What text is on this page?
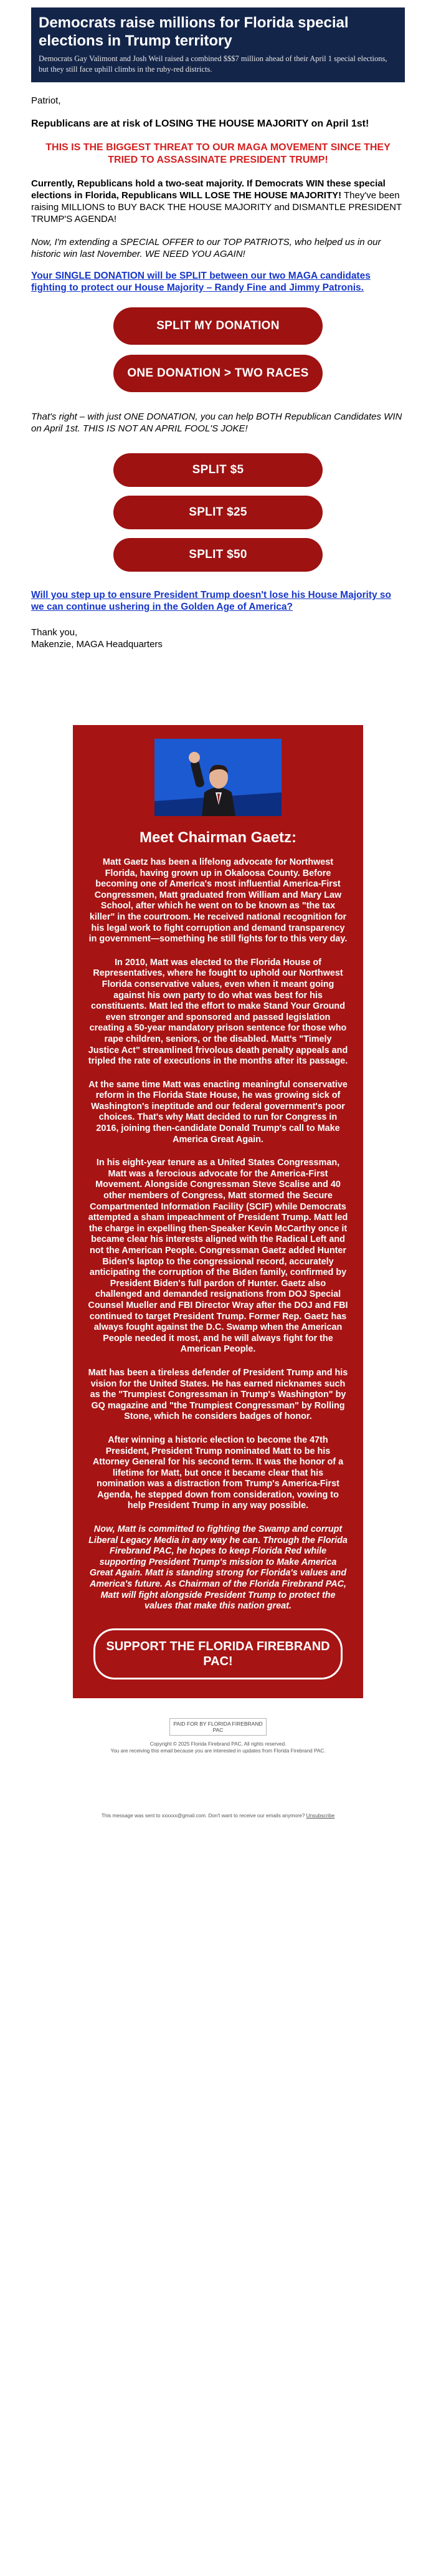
Democrats raise millions for Florida special elections in Trump territory

Democrats Gay Valimont and Josh Weil raised a combined $$$7 million ahead of their April 1 special elections, but they still face uphill climbs in the ruby-red districts.

Patriot,

Republicans are at risk of LOSING THE HOUSE MAJORITY on April 1st!

THIS IS THE BIGGEST THREAT TO OUR MAGA MOVEMENT SINCE THEY TRIED TO ASSASSINATE PRESIDENT TRUMP!

Currently, Republicans hold a two-seat majority. If Democrats WIN these special elections in Florida, Republicans WILL LOSE THE HOUSE MAJORITY! They've been raising MILLIONS to BUY BACK THE HOUSE MAJORITY and DISMANTLE PRESIDENT TRUMP'S AGENDA!

Now, I'm extending a SPECIAL OFFER to our TOP PATRIOTS, who helped us in our historic win last November. WE NEED YOU AGAIN!

Your SINGLE DONATION will be SPLIT between our two MAGA candidates fighting to protect our House Majority – Randy Fine and Jimmy Patronis.

SPLIT MY DONATION
ONE DONATION > TWO RACES

That's right – with just ONE DONATION, you can help BOTH Republican Candidates WIN on April 1st. THIS IS NOT AN APRIL FOOL'S JOKE!

SPLIT $5
SPLIT $25
SPLIT $50

Will you step up to ensure President Trump doesn't lose his House Majority so we can continue ushering in the Golden Age of America?

Thank you,
Makenzie, MAGA Headquarters

Meet Chairman Gaetz:

Matt Gaetz has been a lifelong advocate for Northwest Florida, having grown up in Okaloosa County. Before becoming one of America's most influential America-First Congressmen, Matt graduated from William and Mary Law School, after which he went on to be known as "the tax killer" in the courtroom. He received national recognition for his legal work to fight corruption and demand transparency in government—something he still fights for to this very day.

In 2010, Matt was elected to the Florida House of Representatives, where he fought to uphold our Northwest Florida conservative values, even when it meant going against his own party to do what was best for his constituents. Matt led the effort to make Stand Your Ground even stronger and sponsored and passed legislation creating a 50-year mandatory prison sentence for those who rape children, seniors, or the disabled. Matt's "Timely Justice Act" streamlined frivolous death penalty appeals and tripled the rate of executions in the months after its passage.

At the same time Matt was enacting meaningful conservative reform in the Florida State House, he was growing sick of Washington's ineptitude and our federal government's poor choices. That's why Matt decided to run for Congress in 2016, joining then-candidate Donald Trump's call to Make America Great Again.

In his eight-year tenure as a United States Congressman, Matt was a ferocious advocate for the America-First Movement. Alongside Congressman Steve Scalise and 40 other members of Congress, Matt stormed the Secure Compartmented Information Facility (SCIF) while Democrats attempted a sham impeachment of President Trump. Matt led the charge in expelling then-Speaker Kevin McCarthy once it became clear his interests aligned with the Radical Left and not the American People. Congressman Gaetz added Hunter Biden's laptop to the congressional record, accurately anticipating the corruption of the Biden family, confirmed by President Biden's full pardon of Hunter. Gaetz also challenged and demanded resignations from DOJ Special Counsel Mueller and FBI Director Wray after the DOJ and FBI continued to target President Trump. Former Rep. Gaetz has always fought against the D.C. Swamp when the American People needed it most, and he will always fight for the American People.

Matt has been a tireless defender of President Trump and his vision for the United States. He has earned nicknames such as the "Trumpiest Congressman in Trump's Washington" by GQ magazine and "the Trumpiest Congressman" by Rolling Stone, which he considers badges of honor.

After winning a historic election to become the 47th President, President Trump nominated Matt to be his Attorney General for his second term. It was the honor of a lifetime for Matt, but once it became clear that his nomination was a distraction from Trump's America-First Agenda, he stepped down from consideration, vowing to help President Trump in any way possible.

Now, Matt is committed to fighting the Swamp and corrupt Liberal Legacy Media in any way he can. Through the Florida Firebrand PAC, he hopes to keep Florida Red while supporting President Trump's mission to Make America Great Again. Matt is standing strong for Florida's values and America's future. As Chairman of the Florida Firebrand PAC, Matt will fight alongside President Trump to protect the values that make this nation great.

SUPPORT THE FLORIDA FIREBRAND PAC!
PAID FOR BY FLORIDA FIREBRAND PAC
Copyright © 2025 Florida Firebrand PAC, All rights reserved.
You are receiving this email because you are interested in updates from Florida Firebrand PAC.
This message was sent to xxxxxx@gmail.com. Don't want to receive our emails anymore? Unsubscribe
